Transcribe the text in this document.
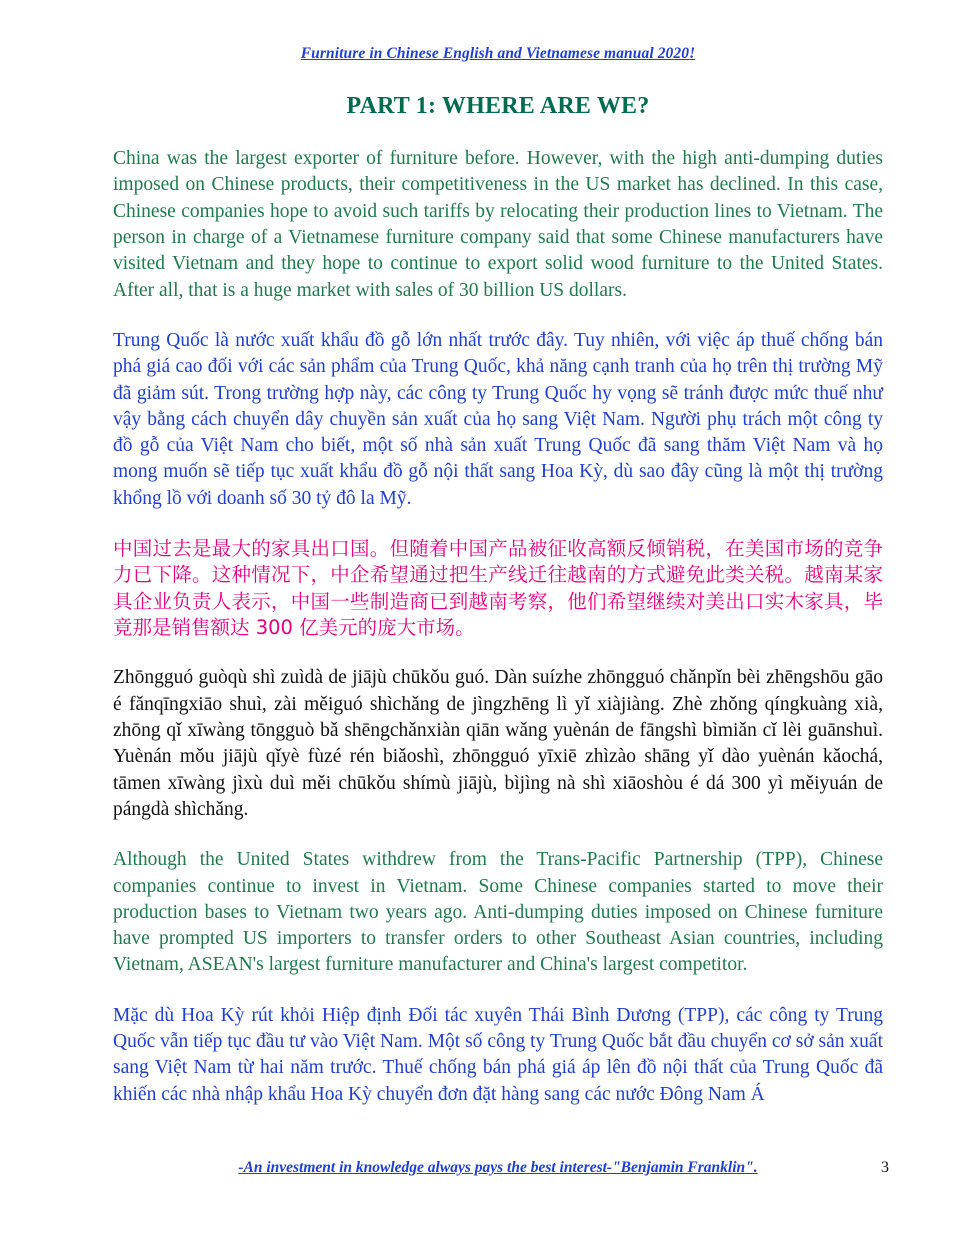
Furniture in Chinese English and Vietnamese manual 2020!
PART 1: WHERE ARE WE?

China was the largest exporter of furniture before. However, with the high anti-dumping duties imposed on Chinese products, their competitiveness in the US market has declined. In this case, Chinese companies hope to avoid such tariffs by relocating their production lines to Vietnam. The person in charge of a Vietnamese furniture company said that some Chinese manufacturers have visited Vietnam and they hope to continue to export solid wood furniture to the United States. After all, that is a huge market with sales of 30 billion US dollars.

Trung Quốc là nước xuất khẩu đồ gỗ lớn nhất trước đây. Tuy nhiên, với việc áp thuế chống bán phá giá cao đối với các sản phẩm của Trung Quốc, khả năng cạnh tranh của họ trên thị trường Mỹ đã giảm sút. Trong trường hợp này, các công ty Trung Quốc hy vọng sẽ tránh được mức thuế như vậy bằng cách chuyển dây chuyền sản xuất của họ sang Việt Nam. Người phụ trách một công ty đồ gỗ của Việt Nam cho biết, một số nhà sản xuất Trung Quốc đã sang thăm Việt Nam và họ mong muốn sẽ tiếp tục xuất khẩu đồ gỗ nội thất sang Hoa Kỳ, dù sao đây cũng là một thị trường khổng lồ với doanh số 30 tỷ đô la Mỹ.

中国过去是最大的家具出口国。但随着中国产品被征收高额反倾销税，在美国市场的竞争力已下降。这种情况下，中企希望通过把生产线迁往越南的方式避免此类关税。越南某家具企业负责人表示，中国一些制造商已到越南考察，他们希望继续对美出口实木家具，毕竟那是销售额达 300 亿美元的庞大市场。

Zhōngguó guòqù shì zuìdà de jiājù chūkǒu guó. Dàn suízhe zhōngguó chǎnpǐn bèi zhēngshōu gāo é fǎnqīngxiāo shuì, zài měiguó shìchǎng de jìngzhēng lì yǐ xiàjiàng. Zhè zhǒng qíngkuàng xià, zhōng qǐ xīwàng tōngguò bǎ shēngchǎnxiàn qiān wǎng yuènán de fāngshì bìmiǎn cǐ lèi guānshuì. Yuènán mǒu jiājù qǐyè fùzé rén biǎoshì, zhōngguó yīxiē zhìzào shāng yǐ dào yuènán kǎochá, tāmen xīwàng jìxù duì měi chūkǒu shímù jiājù, bìjìng nà shì xiāoshòu é dá 300 yì měiyuán de pángdà shìchǎng.

Although the United States withdrew from the Trans-Pacific Partnership (TPP), Chinese companies continue to invest in Vietnam. Some Chinese companies started to move their production bases to Vietnam two years ago. Anti-dumping duties imposed on Chinese furniture have prompted US importers to transfer orders to other Southeast Asian countries, including Vietnam, ASEAN's largest furniture manufacturer and China's largest competitor.

Mặc dù Hoa Kỳ rút khỏi Hiệp định Đối tác xuyên Thái Bình Dương (TPP), các công ty Trung Quốc vẫn tiếp tục đầu tư vào Việt Nam. Một số công ty Trung Quốc bắt đầu chuyển cơ sở sản xuất sang Việt Nam từ hai năm trước. Thuế chống bán phá giá áp lên đồ nội thất của Trung Quốc đã khiến các nhà nhập khẩu Hoa Kỳ chuyển đơn đặt hàng sang các nước Đông Nam Á

-An investment in knowledge always pays the best interest-"Benjamin Franklin".	3
